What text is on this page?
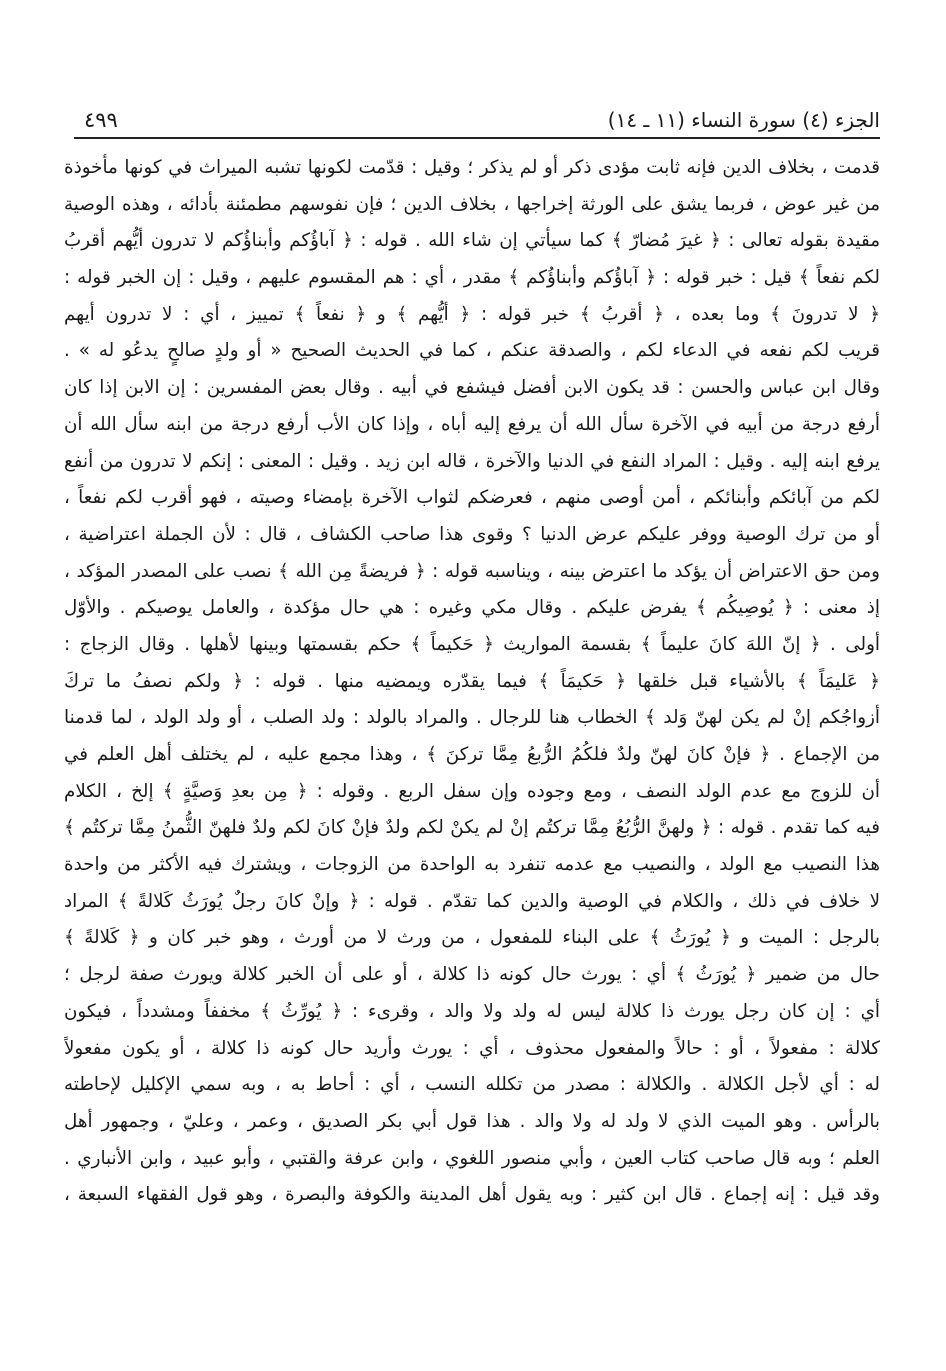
الجزء (٤) سورة النساء (١١ ـ ١٤)
٤٩٩
قدمت ، بخلاف الدين فإنه ثابت مؤدى ذكر أو لم يذكر ؛ وقيل : قدّمت لكونها تشبه الميراث في كونها مأخوذة
من غير عوض ، فربما يشق على الورثة إخراجها ، بخلاف الدين ؛ فإن نفوسهم مطمئنة بأدائه ، وهذه الوصية
مقيدة بقوله تعالى : ﴿ غيرَ مُضارّ ﴾ كما سيأتي إن شاء الله . قوله : ﴿ آباؤُكم وأبناؤُكم لا تدرون أيُّهم أقربُ
لكم نفعاً ﴾ قيل : خبر قوله : ﴿ آباؤُكم وأبناؤُكم ﴾ مقدر ، أي : هم المقسوم عليهم ، وقيل : إن الخبر قوله :
﴿ لا تدرونَ ﴾ وما بعده ، ﴿ أقربُ ﴾ خبر قوله : ﴿ أيُّهم ﴾ و ﴿ نفعاً ﴾ تمييز ، أي : لا تدرون أيهم
قريب لكم نفعه في الدعاء لكم ، والصدقة عنكم ، كما في الحديث الصحيح « أو ولدٍ صالحٍ يدعُو له » .
وقال ابن عباس والحسن : قد يكون الابن أفضل فيشفع في أبيه . وقال بعض المفسرين : إن الابن إذا كان
أرفع درجة من أبيه في الآخرة سأل الله أن يرفع إليه أباه ، وإذا كان الأب أرفع درجة من ابنه سأل الله أن
يرفع ابنه إليه . وقيل : المراد النفع في الدنيا والآخرة ، قاله ابن زيد . وقيل : المعنى : إنكم لا تدرون من أنفع
لكم من آبائكم وأبنائكم ، أمن أوصى منهم ، فعرضكم لثواب الآخرة بإمضاء وصيته ، فهو أقرب لكم نفعاً ،
أو من ترك الوصية ووفر عليكم عرض الدنيا ؟ وقوى هذا صاحب الكشاف ، قال : لأن الجملة اعتراضية ،
ومن حق الاعتراض أن يؤكد ما اعترض بينه ، ويناسبه قوله : ﴿ فريضةً مِن الله ﴾ نصب على المصدر المؤكد ،
إذ معنى : ﴿ يُوصِيكُم ﴾ يفرض عليكم . وقال مكي وغيره : هي حال مؤكدة ، والعامل يوصيكم . والأوّل
أولى . ﴿ إنّ اللهَ كانَ عليماً ﴾ بقسمة المواريث ﴿ حَكيماً ﴾ حكم بقسمتها وبينها لأهلها . وقال الزجاج :
﴿ عَليمَاً ﴾ بالأشياء قبل خلقها ﴿ حَكيمَاً ﴾ فيما يقدّره ويمضيه منها . قوله : ﴿ ولكم نصفُ ما تركَ
أزواجُكم إنْ لم يكن لهنّ وَلد ﴾ الخطاب هنا للرجال . والمراد بالولد : ولد الصلب ، أو ولد الولد ، لما قدمنا
من الإجماع . ﴿ فإنْ كانَ لهنّ ولدٌ فلكُمُ الرُّبعُ مِمَّا تركنَ ﴾ ، وهذا مجمع عليه ، لم يختلف أهل العلم في
أن للزوج مع عدم الولد النصف ، ومع وجوده وإن سفل الربع . وقوله : ﴿ مِن بعدِ وَصيَّةٍ ﴾ إلخ ، الكلام
فيه كما تقدم . قوله : ﴿ ولهنَّ الرُّبُعُ مِمَّا تركتُم إنْ لم يكنْ لكم ولدٌ فإنْ كانَ لكم ولدٌ فلهنّ الثُّمنُ مِمَّا تركتُم ﴾
هذا النصيب مع الولد ، والنصيب مع عدمه تنفرد به الواحدة من الزوجات ، ويشترك فيه الأكثر من واحدة
لا خلاف في ذلك ، والكلام في الوصية والدين كما تقدّم . قوله : ﴿ وإنْ كانَ رجلٌ يُورَثُ كَلالةً ﴾ المراد
بالرجل : الميت و ﴿ يُورَثُ ﴾ على البناء للمفعول ، من ورث لا من أورث ، وهو خبر كان و ﴿ كَلالةً ﴾
حال من ضمير ﴿ يُورَثُ ﴾ أي : يورث حال كونه ذا كلالة ، أو على أن الخبر كلالة ويورث صفة لرجل ؛
أي : إن كان رجل يورث ذا كلالة ليس له ولد ولا والد ، وقرىء : ﴿ يُورِّثُ ﴾ مخففاً ومشدداً ، فيكون
كلالة : مفعولاً ، أو : حالاً والمفعول محذوف ، أي : يورث وأريد حال كونه ذا كلالة ، أو يكون مفعولاً
له : أي لأجل الكلالة . والكلالة : مصدر من تكلله النسب ، أي : أحاط به ، وبه سمي الإكليل لإحاطته
بالرأس . وهو الميت الذي لا ولد له ولا والد . هذا قول أبي بكر الصديق ، وعمر ، وعليّ ، وجمهور أهل
العلم ؛ وبه قال صاحب كتاب العين ، وأبي منصور اللغوي ، وابن عرفة والقتبي ، وأبو عبيد ، وابن الأنباري .
وقد قيل : إنه إجماع . قال ابن كثير : وبه يقول أهل المدينة والكوفة والبصرة ، وهو قول الفقهاء السبعة ،
